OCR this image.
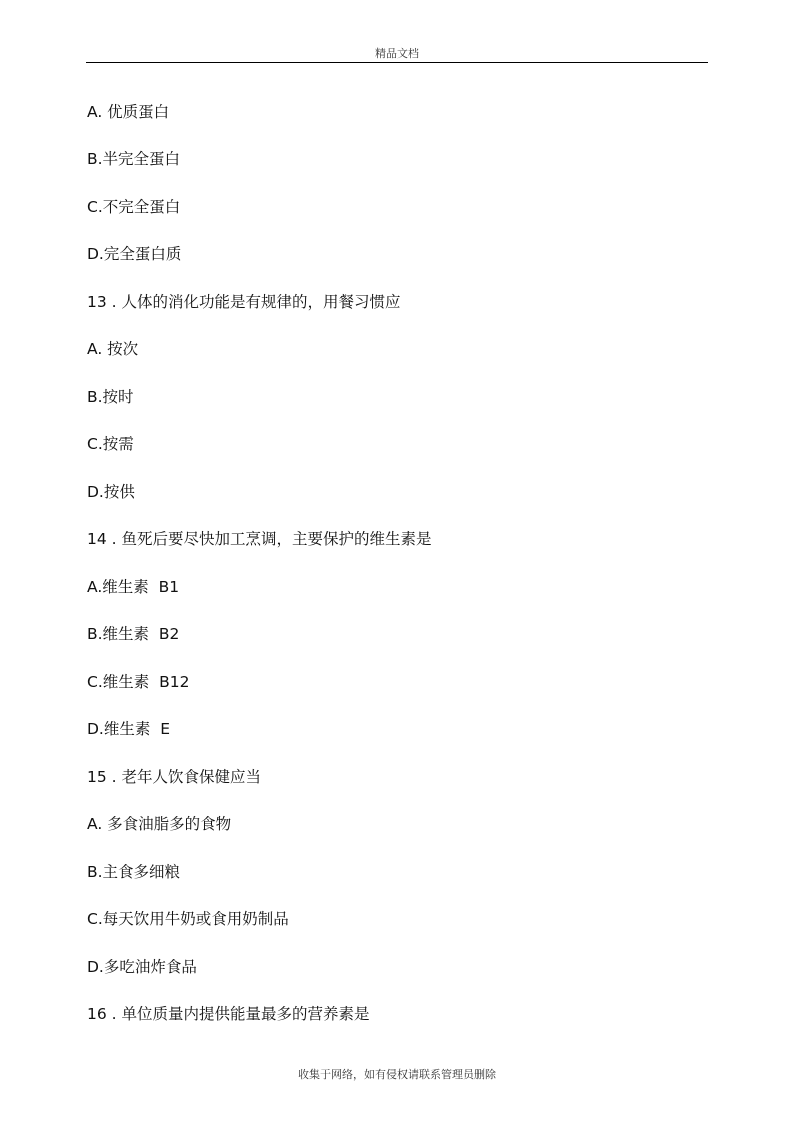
精品文档
A. 优质蛋白
B.半完全蛋白
C.不完全蛋白
D.完全蛋白质
13 . 人体的消化功能是有规律的，用餐习惯应
A. 按次
B.按时
C.按需
D.按供
14 . 鱼死后要尽快加工烹调，主要保护的维生素是
A.维生素  B1
B.维生素  B2
C.维生素  B12
D.维生素  E
15 . 老年人饮食保健应当
A. 多食油脂多的食物
B.主食多细粮
C.每天饮用牛奶或食用奶制品
D.多吃油炸食品
16 . 单位质量内提供能量最多的营养素是
收集于网络，如有侵权请联系管理员删除
